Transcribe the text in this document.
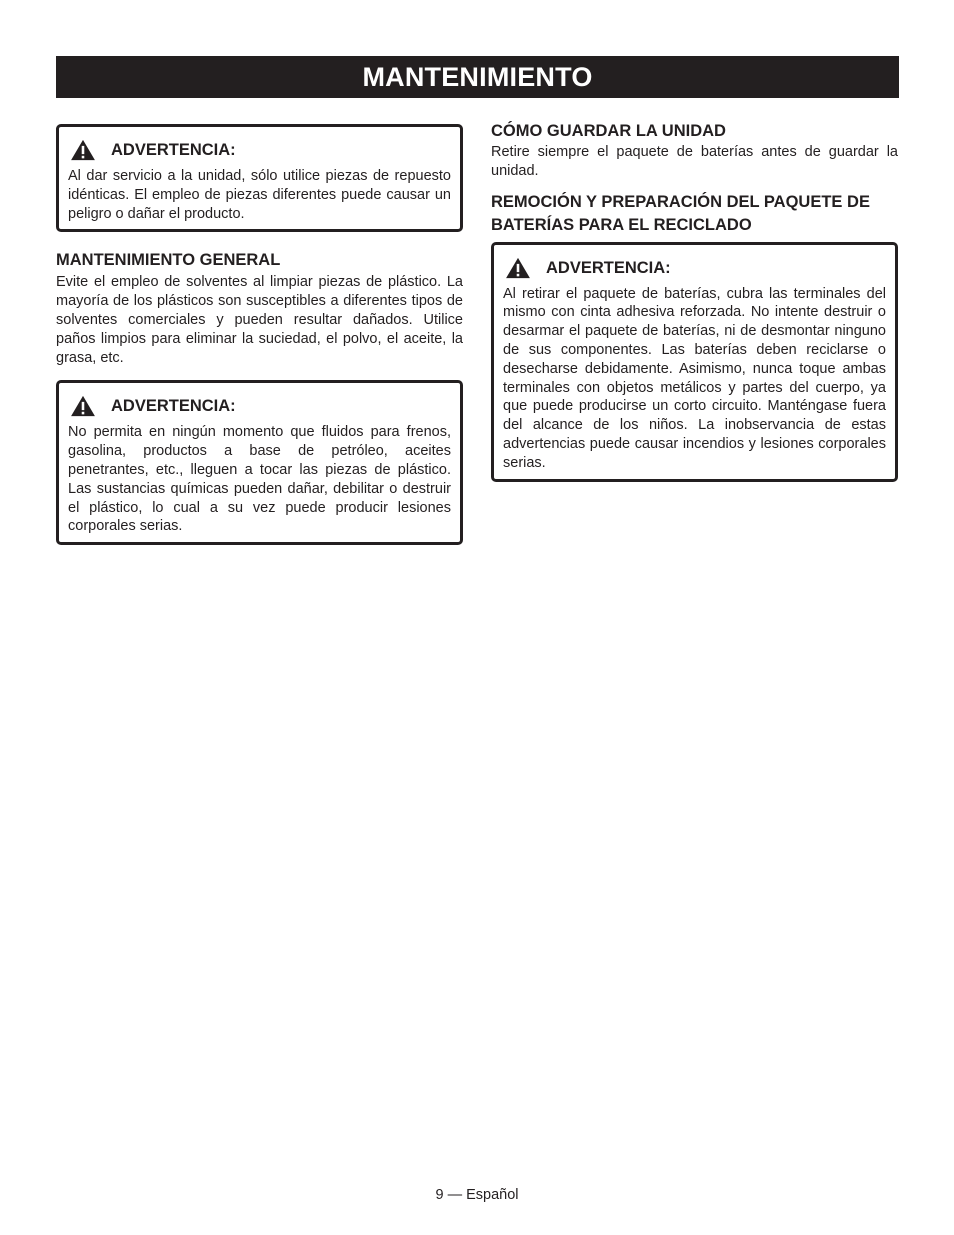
MANTENIMIENTO
ADVERTENCIA:

Al dar servicio a la unidad, sólo utilice piezas de repuesto idénticas. El empleo de piezas diferentes puede causar un peligro o dañar el producto.

MANTENIMIENTO GENERAL

Evite el empleo de solventes al limpiar piezas de plástico. La mayoría de los plásticos son susceptibles a diferentes tipos de solventes comerciales y pueden resultar dañados. Utilice paños limpios para eliminar la suciedad, el polvo, el aceite, la grasa, etc.

ADVERTENCIA:

No permita en ningún momento que fluidos para frenos, gasolina, productos a base de petróleo, aceites penetrantes, etc., lleguen a tocar las piezas de plástico. Las sustancias químicas pueden dañar, debilitar o destruir el plástico, lo cual a su vez puede producir lesiones corporales serias.

CÓMO GUARDAR LA UNIDAD

Retire siempre el paquete de baterías antes de guardar la unidad.

REMOCIÓN Y PREPARACIÓN DEL PAQUETE DE BATERÍAS PARA EL RECICLADO
ADVERTENCIA:

Al retirar el paquete de baterías, cubra las terminales del mismo con cinta adhesiva reforzada. No intente destruir o desarmar el paquete de baterías, ni de desmontar ninguno de sus componentes. Las baterías deben reciclarse o desecharse debidamente. Asimismo, nunca toque ambas terminales con objetos metálicos y partes del cuerpo, ya que puede producirse un corto circuito. Manténgase fuera del alcance de los niños. La inobservancia de estas advertencias puede causar incendios y lesiones corporales serias.

9 — Español
